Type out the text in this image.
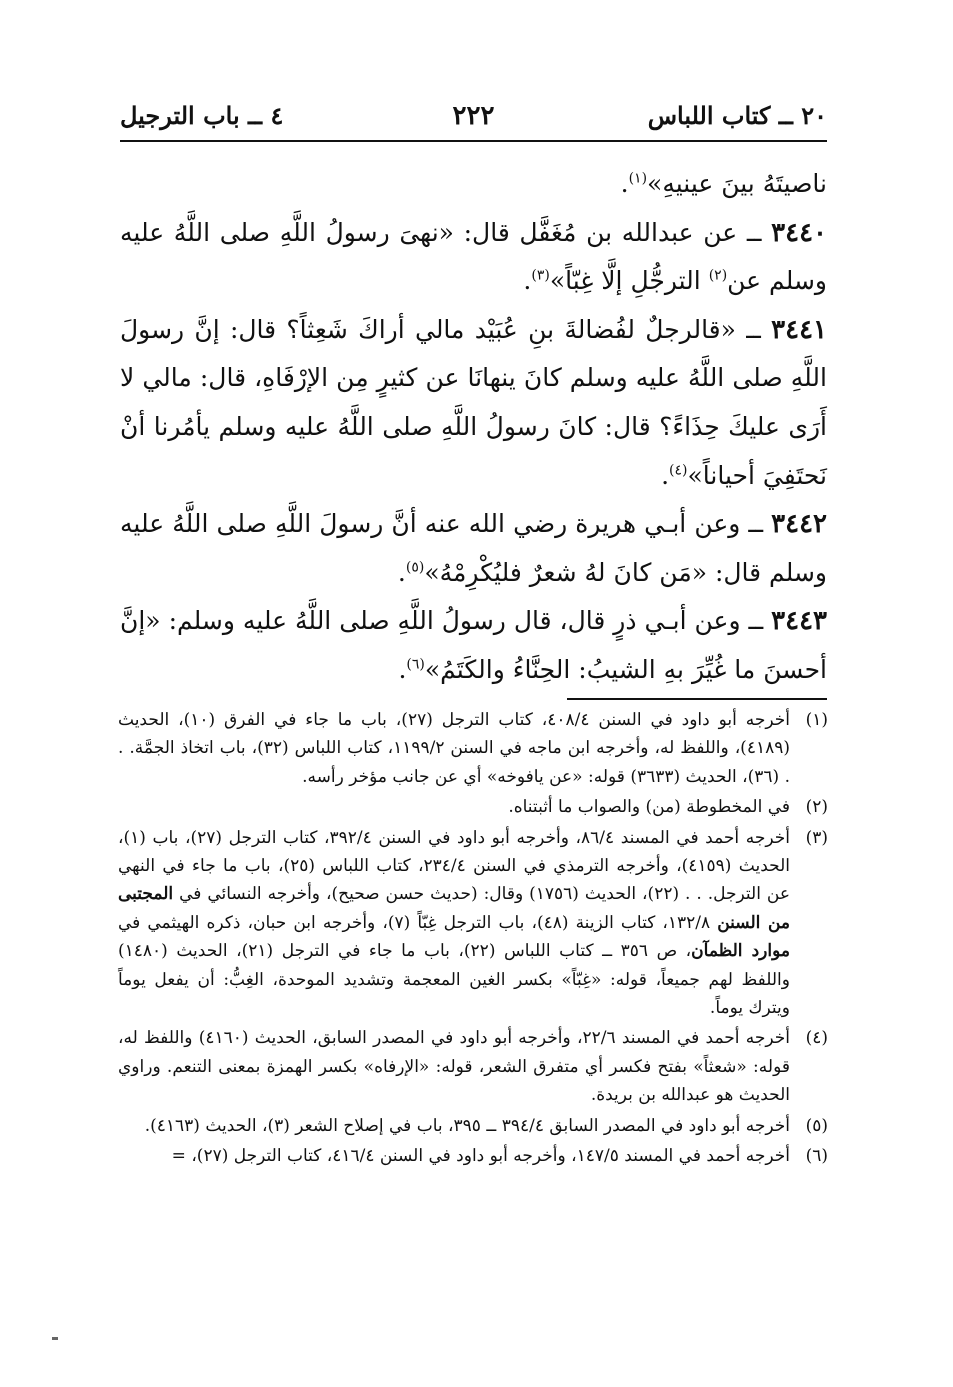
٤ ــ باب الترجيل	٢٢٢	٢٠ ــ كتاب اللباس

ناصيتَهُ بينَ عينيهِ»$^{(١)}$.

٣٤٤٠ ــ عن عبدالله بن مُغَفَّل قال: «نهىَ رسولُ اللَّهِ صلى اللَّهُ عليه وسلم عن$^{(٢)}$ الترجُّلِ إلَّا غِبّاً»$^{(٣)}$.

٣٤٤١ ــ «قالرجلٌ لفُضالةَ بنِ عُبَيْد مالي أراكَ شَعِثاً؟ قال: إنَّ رسولَ اللَّهِ صلى اللَّهُ عليه وسلم كانَ ينهانَا عن كثيرٍ مِن الإرْفَاهِ، قال: مالي لا أَرَى عليكَ حِذَاءً؟ قال: كانَ رسولُ اللَّهِ صلى اللَّهُ عليه وسلم يأمُرنا أنْ نَحتَفِيَ أحياناً»$^{(٤)}$.

٣٤٤٢ ــ وعن أبـي هريرة رضي الله عنه أنَّ رسولَ اللَّهِ صلى اللَّهُ عليه وسلم قال: «مَن كانَ لهُ شعرٌ فليُكْرِمْهُ»$^{(٥)}$.

٣٤٤٣ ــ وعن أبـي ذرٍ قال، قال رسولُ اللَّهِ صلى اللَّهُ عليه وسلم: «إنَّ أحسنَ ما غُيِّرَ بهِ الشيبُ: الحِنَّاءُ والكَتَمُ»$^{(٦)}$.

(١)
أخرجه أبو داود في السنن ٤٠٨/٤، كتاب الترجل (٢٧)، باب ما جاء في الفرق (١٠)، الحديث (٤١٨٩)، واللفظ له، وأخرجه ابن ماجه في السنن ١١٩٩/٢، كتاب اللباس (٣٢)، باب اتخاذ الجمَّة. . . (٣٦)، الحديث (٣٦٣٣) قوله: «عن يافوخه» أي عن جانب مؤخر رأسه.
(٢)
في المخطوطة (من) والصواب ما أثبتناه.
(٣)
أخرجه أحمد في المسند ٨٦/٤، وأخرجه أبو داود في السنن ٣٩٢/٤، كتاب الترجل (٢٧)، باب (١)، الحديث (٤١٥٩)، وأخرجه الترمذي في السنن ٢٣٤/٤، كتاب اللباس (٢٥)، باب ما جاء في النهي عن الترجل. . . (٢٢)، الحديث (١٧٥٦) وقال: (حديث حسن صحيح)، وأخرجه النسائي في المجتبى من السنن ١٣٢/٨، كتاب الزينة (٤٨)، باب الترجل غِبّاً (٧)، وأخرجه ابن حبان، ذكره الهيثمي في موارد الظمآن، ص ٣٥٦ ــ كتاب اللباس (٢٢)، باب ما جاء في الترجل (٢١)، الحديث (١٤٨٠) واللفظ لهم جميعاً، قوله: «غِبّاً» بكسر الغين المعجمة وتشديد الموحدة، الغِبُّ: أن يفعل يوماً ويترك يوماً.
(٤)
أخرجه أحمد في المسند ٢٢/٦، وأخرجه أبو داود في المصدر السابق، الحديث (٤١٦٠) واللفظ له، قوله: «شعثاً» بفتح فكسر أي متفرق الشعر، قوله: «الإرفاه» بكسر الهمزة بمعنى التنعم. وراوي الحديث هو عبدالله بن بريدة.
(٥)
أخرجه أبو داود في المصدر السابق ٣٩٤/٤ ــ ٣٩٥، باب في إصلاح الشعر (٣)، الحديث (٤١٦٣).
(٦)
أخرجه أحمد في المسند ١٤٧/٥، وأخرجه أبو داود في السنن ٤١٦/٤، كتاب الترجل (٢٧)، =
